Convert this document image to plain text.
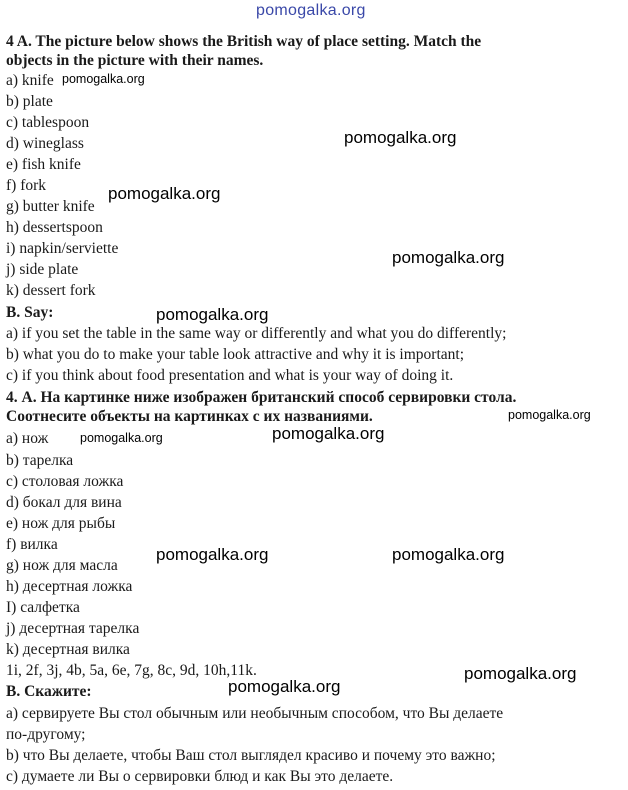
pomogalka.org
4 A. The picture below shows the British way of place setting. Match the
objects in the picture with their names.
a) knife
b) plate
c) tablespoon
d) wineglass
e) fish knife
f) fork
g) butter knife
h) dessertspoon
i) napkin/serviette
j) side plate
k) dessert fork
B. Say:
a) if you set the table in the same way or differently and what you do differently;
b) what you do to make your table look attractive and why it is important;
c) if you think about food presentation and what is your way of doing it.
4. А. На картинке ниже изображен британский способ сервировки стола.
Соотнесите объекты на картинках с их названиями.
a) нож
b) тарелка
c) столовая ложка
d) бокал для вина
e) нож для рыбы
f) вилка
g) нож для масла
h) десертная ложка
I) салфетка
j) десертная тарелка
k) десертная вилка
1i, 2f, 3j, 4b, 5a, 6e, 7g, 8c, 9d, 10h,11k.
В. Скажите:
а) сервируете Вы стол обычным или необычным способом, что Вы делаете
по-другому;
b) что Вы делаете, чтобы Ваш стол выглядел красиво и почему это важно;
с) думаете ли Вы о сервировки блюд и как Вы это делаете.
pomogalka.org
pomogalka.org
pomogalka.org
pomogalka.org
pomogalka.org
pomogalka.org
pomogalka.org
pomogalka.org
pomogalka.org	pomogalka.org
pomogalka.org
pomogalka.org
